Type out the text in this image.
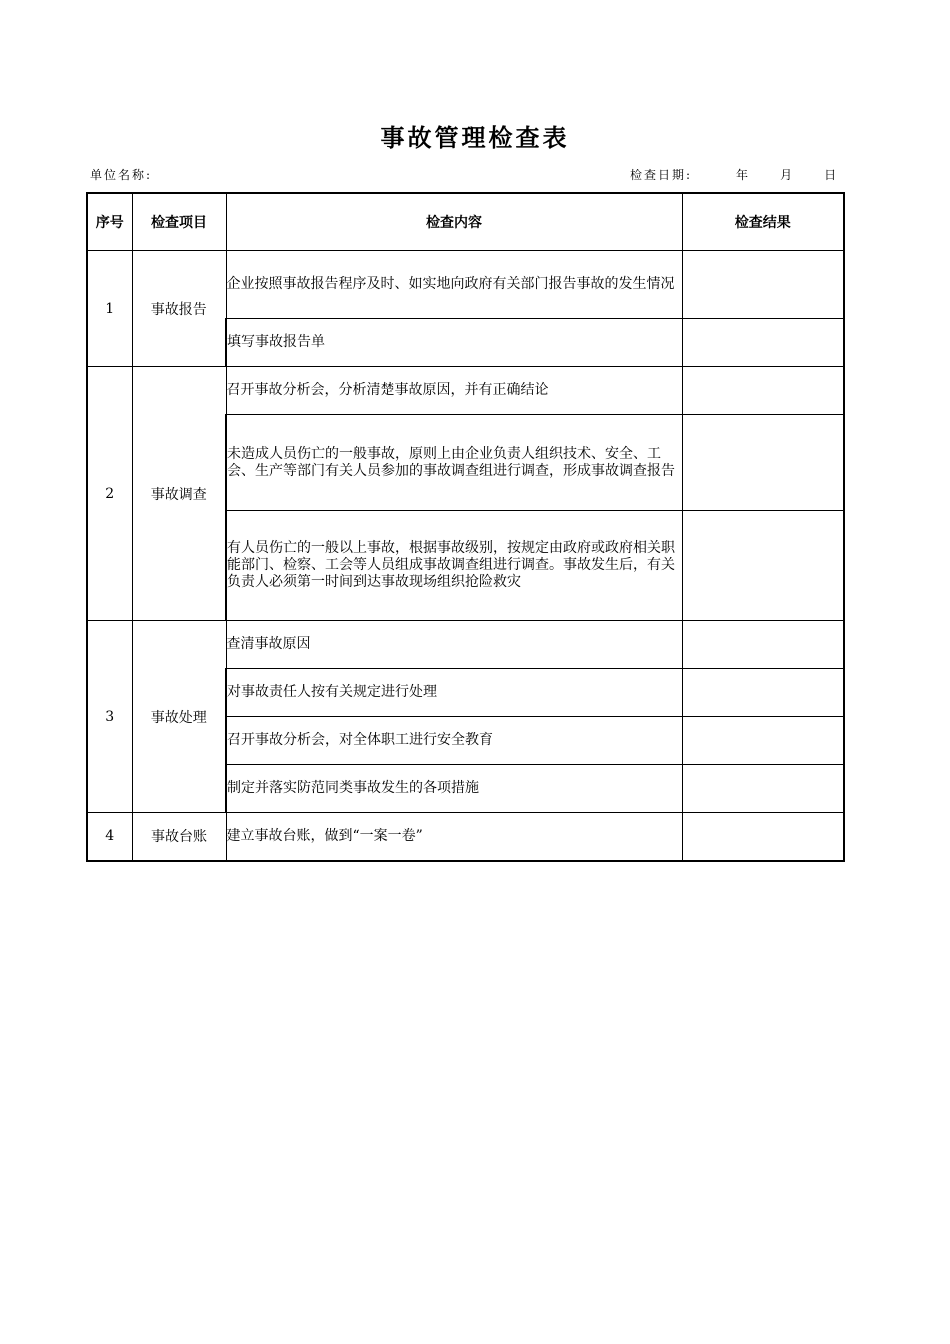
事故管理检查表
单位名称:	检查日期:	年	月	日
序号	检查项目	检查内容	检查结果
1	事故报告	企业按照事故报告程序及时、如实地向政府有关部门报告事故的发生情况	
		填写事故报告单	
2	事故调查	召开事故分析会，分析清楚事故原因，并有正确结论	
		未造成人员伤亡的一般事故，原则上由企业负责人组织技术、安全、工会、生产等部门有关人员参加的事故调查组进行调查，形成事故调查报告	
		有人员伤亡的一般以上事故，根据事故级别，按规定由政府或政府相关职能部门、检察、工会等人员组成事故调查组进行调查。事故发生后，有关负责人必须第一时间到达事故现场组织抢险救灾	
3	事故处理	查清事故原因	
		对事故责任人按有关规定进行处理	
		召开事故分析会，对全体职工进行安全教育	
		制定并落实防范同类事故发生的各项措施	
4	事故台账	建立事故台账，做到“一案一卷”	
